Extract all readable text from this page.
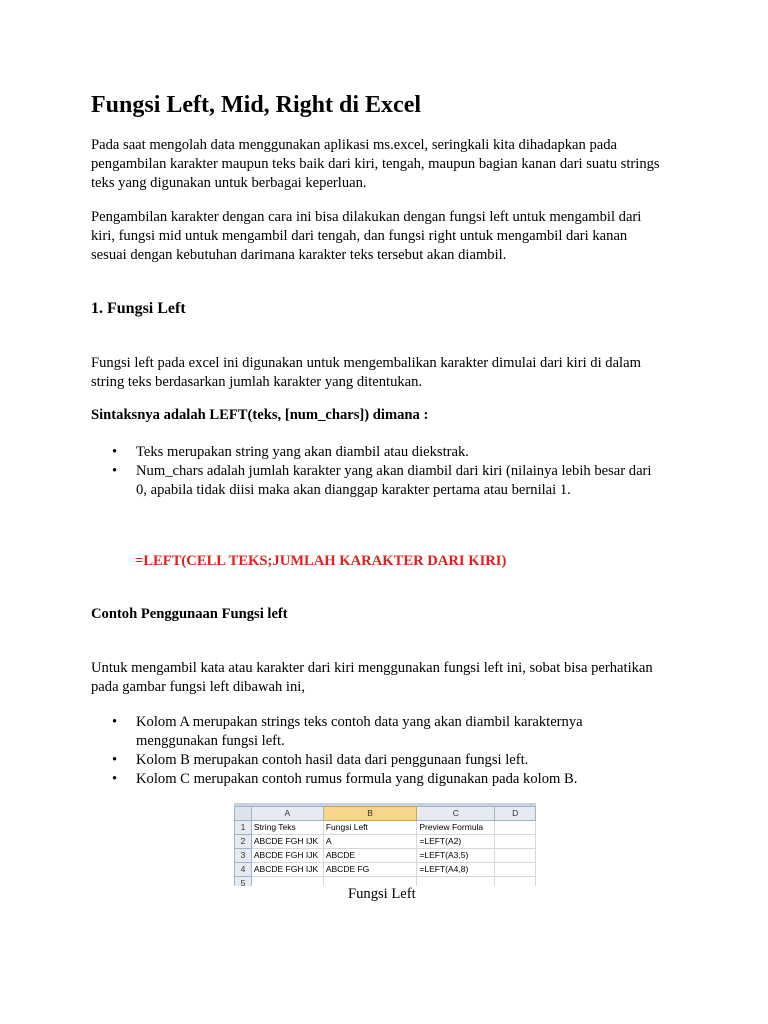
Fungsi Left, Mid, Right di Excel

Pada saat mengolah data menggunakan aplikasi ms.excel, seringkali kita dihadapkan pada
pengambilan karakter maupun teks baik dari kiri, tengah, maupun bagian kanan dari suatu strings
teks yang digunakan untuk berbagai keperluan.

Pengambilan karakter dengan cara ini bisa dilakukan dengan fungsi left untuk mengambil dari
kiri, fungsi mid untuk mengambil dari tengah, dan fungsi right untuk mengambil dari kanan
sesuai dengan kebutuhan darimana karakter teks tersebut akan diambil.

1. Fungsi Left

Fungsi left pada excel ini digunakan untuk mengembalikan karakter dimulai dari kiri di dalam
string teks berdasarkan jumlah karakter yang ditentukan.

Sintaksnya adalah LEFT(teks, [num_chars]) dimana :
• Teks merupakan string yang akan diambil atau diekstrak.
• Num_chars adalah jumlah karakter yang akan diambil dari kiri (nilainya lebih besar dari
0, apabila tidak diisi maka akan dianggap karakter pertama atau bernilai 1.
=LEFT(CELL TEKS;JUMLAH KARAKTER DARI KIRI)
Contoh Penggunaan Fungsi left

Untuk mengambil kata atau karakter dari kiri menggunakan fungsi left ini, sobat bisa perhatikan
pada gambar fungsi left dibawah ini,

• Kolom A merupakan strings teks contoh data yang akan diambil karakternya
menggunakan fungsi left.
• Kolom B merupakan contoh hasil data dari penggunaan fungsi left.
• Kolom C merupakan contoh rumus formula yang digunakan pada kolom B.
	A	B	C	D
1	String Teks	Fungsi Left	Preview Formula	
2	ABCDE FGH IJK	A	=LEFT(A2)	
3	ABCDE FGH IJK	ABCDE	=LEFT(A3,5)	
4	ABCDE FGH IJK	ABCDE FG	=LEFT(A4,8)	
5				
Fungsi Left
